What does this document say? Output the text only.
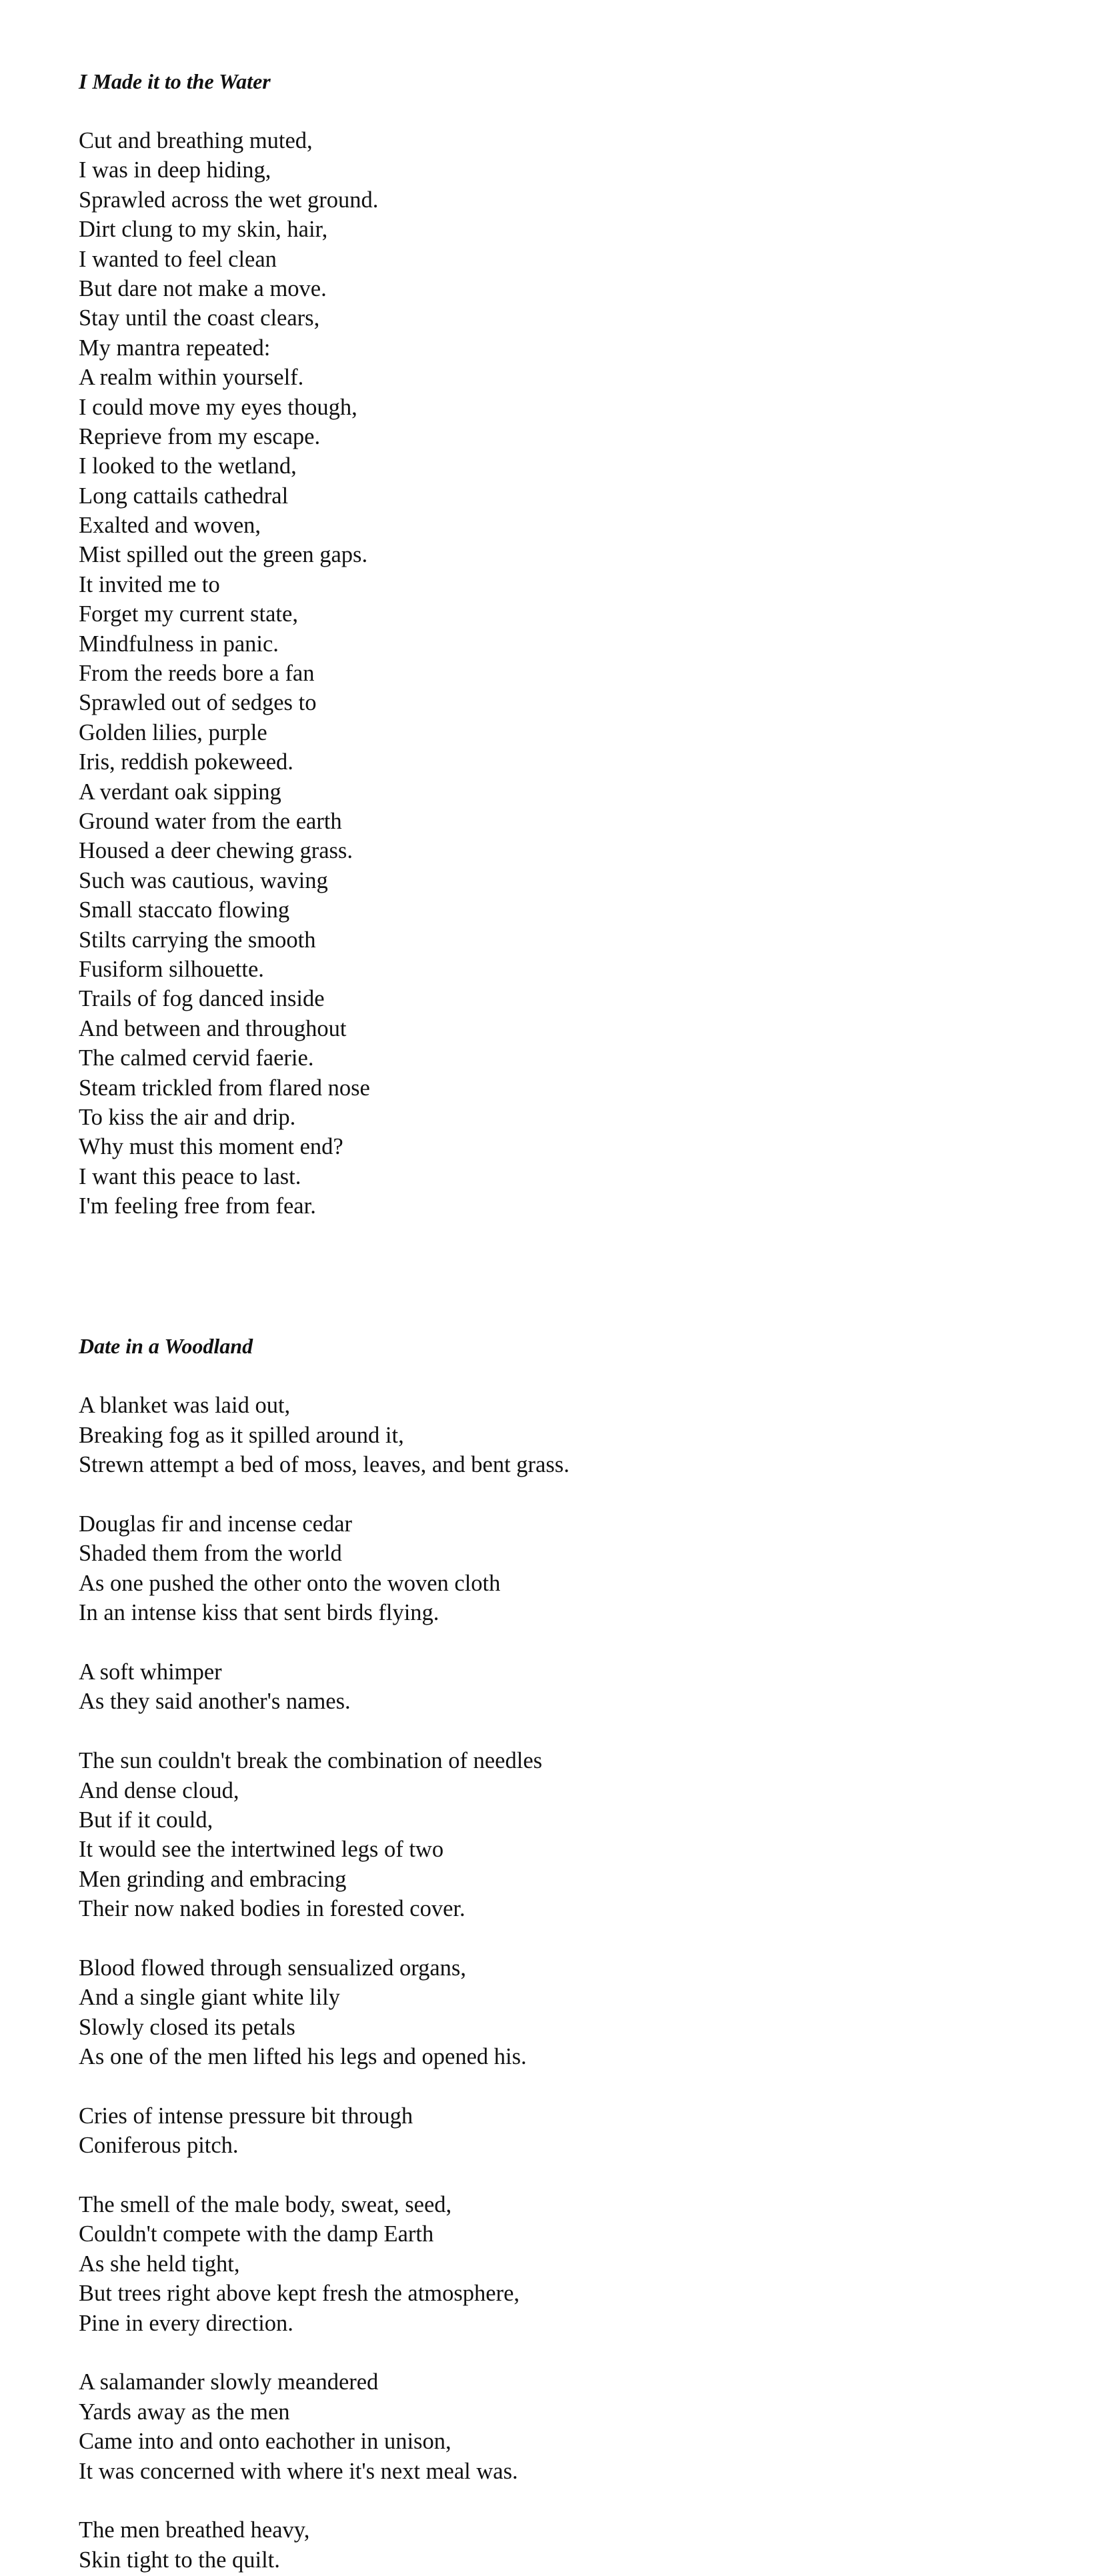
I Made it to the Water
Cut and breathing muted,
I was in deep hiding,
Sprawled across the wet ground.
Dirt clung to my skin, hair,
I wanted to feel clean
But dare not make a move.
Stay until the coast clears,
My mantra repeated:
A realm within yourself.
I could move my eyes though,
Reprieve from my escape.
I looked to the wetland,
Long cattails cathedral
Exalted and woven,
Mist spilled out the green gaps.
It invited me to
Forget my current state,
Mindfulness in panic.
From the reeds bore a fan
Sprawled out of sedges to
Golden lilies, purple
Iris, reddish pokeweed.
A verdant oak sipping
Ground water from the earth
Housed a deer chewing grass.
Such was cautious, waving
Small staccato flowing
Stilts carrying the smooth
Fusiform silhouette.
Trails of fog danced inside
And between and throughout
The calmed cervid faerie.
Steam trickled from flared nose
To kiss the air and drip.
Why must this moment end?
I want this peace to last.
I'm feeling free from fear.
Date in a Woodland
A blanket was laid out,
Breaking fog as it spilled around it,
Strewn attempt a bed of moss, leaves, and bent grass.
Douglas fir and incense cedar
Shaded them from the world
As one pushed the other onto the woven cloth
In an intense kiss that sent birds flying.
A soft whimper
As they said another's names.
The sun couldn't break the combination of needles
And dense cloud,
But if it could,
It would see the intertwined legs of two
Men grinding and embracing
Their now naked bodies in forested cover.
Blood flowed through sensualized organs,
And a single giant white lily
Slowly closed its petals
As one of the men lifted his legs and opened his.
Cries of intense pressure bit through
Coniferous pitch.
The smell of the male body, sweat, seed,
Couldn't compete with the damp Earth
As she held tight,
But trees right above kept fresh the atmosphere,
Pine in every direction.
A salamander slowly meandered
Yards away as the men
Came into and onto eachother in unison,
It was concerned with where it's next meal was.
The men breathed heavy,
Skin tight to the quilt.
